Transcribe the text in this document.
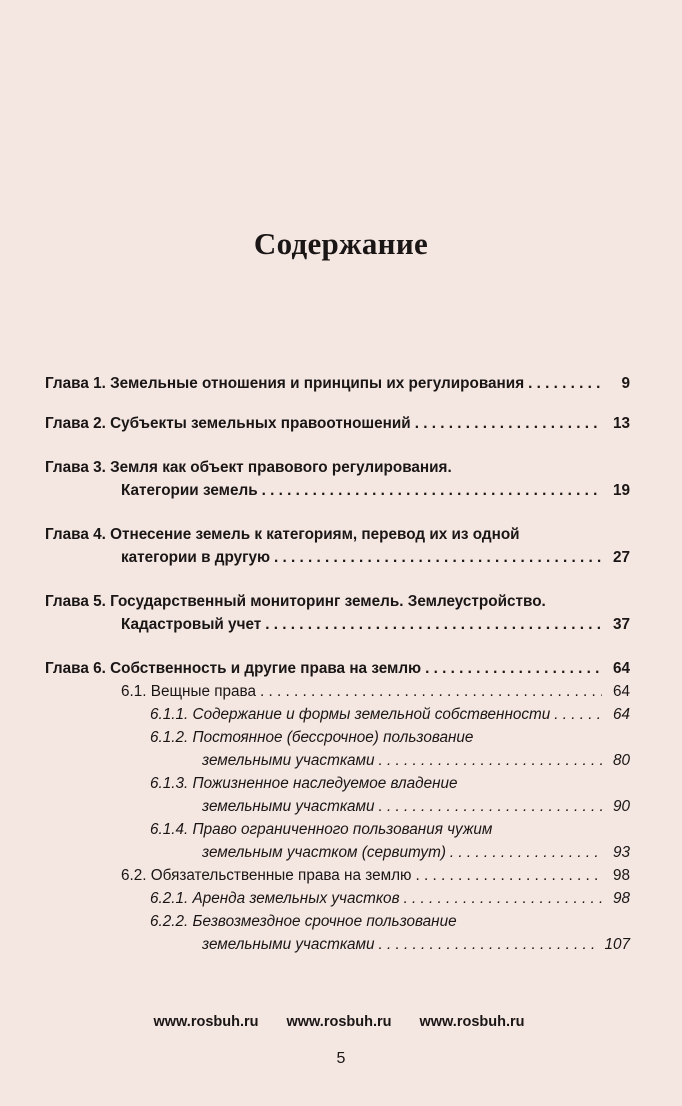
Содержание
Глава 1. Земельные отношения и принципы их регулирования . . .	9
Глава 2. Субъекты земельных правоотношений . . .	13
Глава 3. Земля как объект правового регулирования.
Категории земель . . .	19
Глава 4. Отнесение земель к категориям, перевод их из одной
категории в другую . . .	27
Глава 5. Государственный мониторинг земель. Землеустройство.
Кадастровый учет . . .	37
Глава 6. Собственность и другие права на землю . . .	64
6.1. Вещные права . . .	64
6.1.1. Содержание и формы земельной собственности . . .	64
6.1.2. Постоянное (бессрочное) пользование
земельными участками . . .	80
6.1.3. Пожизненное наследуемое владение
земельными участками . . .	90
6.1.4. Право ограниченного пользования чужим
земельным участком (сервитут) . . .	93
6.2. Обязательственные права на землю . . .	98
6.2.1. Аренда земельных участков . . .	98
6.2.2. Безвозмездное срочное пользование
земельными участками . . .	107
www.rosbuh.ru www.rosbuh.ru www.rosbuh.ru
5
